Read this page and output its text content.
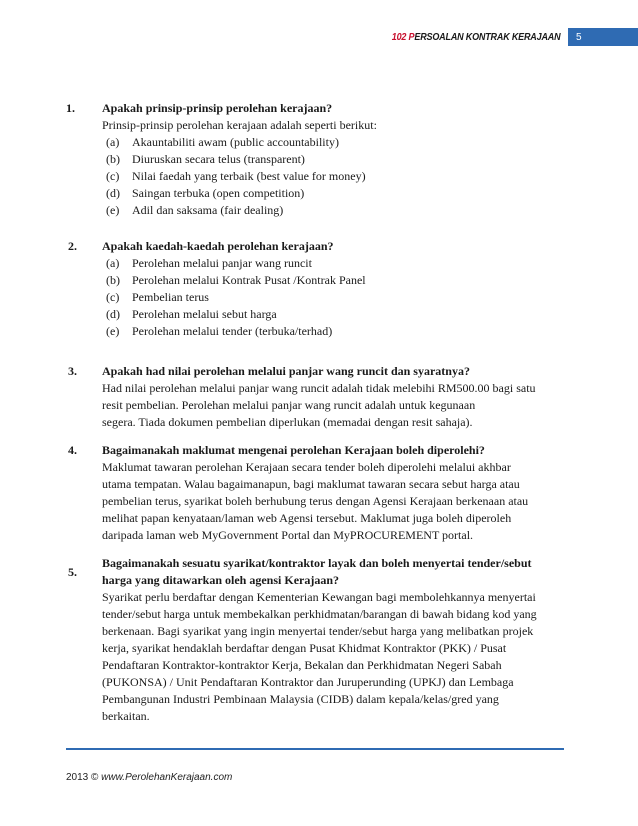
102 PERSOALAN KONTRAK KERAJAAN	5
1.	Apakah prinsip-prinsip perolehan kerajaan?
Prinsip-prinsip perolehan kerajaan adalah seperti berikut:
(a)	Akauntabiliti awam (public accountability)
(b)	Diuruskan secara telus (transparent)
(c)	Nilai faedah yang terbaik (best value for money)
(d)	Saingan terbuka (open competition)
(e)	Adil dan saksama (fair dealing)
2.	Apakah kaedah-kaedah perolehan kerajaan?
(a)	Perolehan melalui panjar wang runcit
(b)	Perolehan melalui Kontrak Pusat /Kontrak Panel
(c)	Pembelian terus
(d)	Perolehan melalui sebut harga
(e)	Perolehan melalui tender (terbuka/terhad)
3.	Apakah had nilai perolehan melalui panjar wang runcit dan syaratnya?
Had nilai perolehan melalui panjar wang runcit adalah tidak melebihi RM500.00 bagi satu
resit pembelian. Perolehan melalui panjar wang runcit adalah untuk kegunaan
segera. Tiada dokumen pembelian diperlukan (memadai dengan resit sahaja).
4.	Bagaimanakah maklumat mengenai perolehan Kerajaan boleh diperolehi?
Maklumat tawaran perolehan Kerajaan secara tender boleh diperolehi melalui akhbar
utama tempatan. Walau bagaimanapun, bagi maklumat tawaran secara sebut harga atau
pembelian terus, syarikat boleh berhubung terus dengan Agensi Kerajaan berkenaan atau
melihat papan kenyataan/laman web Agensi tersebut. Maklumat juga boleh diperoleh
daripada laman web MyGovernment Portal dan MyPROCUREMENT portal.
5.
Bagaimanakah sesuatu syarikat/kontraktor layak dan boleh menyertai tender/sebut
harga yang ditawarkan oleh agensi Kerajaan?
Syarikat perlu berdaftar dengan Kementerian Kewangan bagi membolehkannya menyertai
tender/sebut harga untuk membekalkan perkhidmatan/barangan di bawah bidang kod yang
berkenaan. Bagi syarikat yang ingin menyertai tender/sebut harga yang melibatkan projek
kerja, syarikat hendaklah berdaftar dengan Pusat Khidmat Kontraktor (PKK) / Pusat
Pendaftaran Kontraktor-kontraktor Kerja, Bekalan dan Perkhidmatan Negeri Sabah
(PUKONSA) / Unit Pendaftaran Kontraktor dan Juruperunding (UPKJ) dan Lembaga
Pembangunan Industri Pembinaan Malaysia (CIDB) dalam kepala/kelas/gred yang
berkaitan.
2013 © www.PerolehanKerajaan.com
